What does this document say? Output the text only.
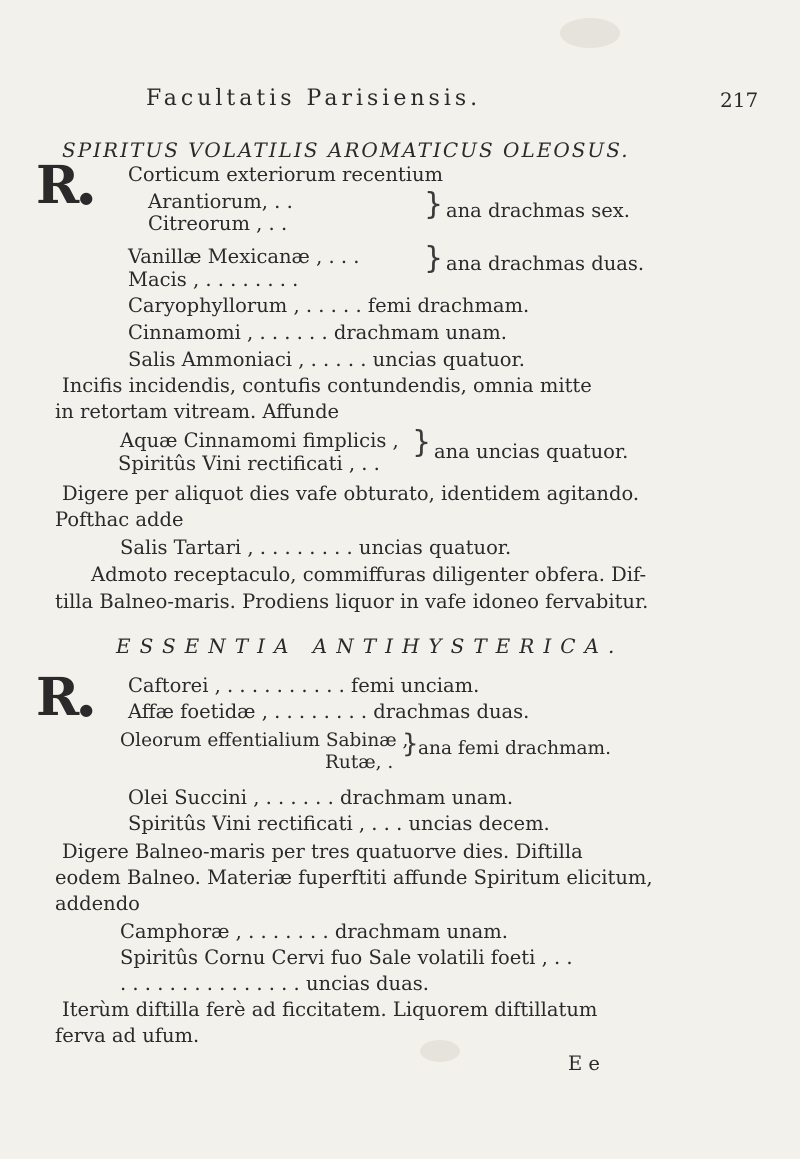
Facultatis Parisiensis.	217
SPIRITUS VOLATILIS AROMATICUS OLEOSUS.
R●
Corticum exteriorum recentium
Arantiorum, . .
Citreorum , . .
} ana drachmas sex.
Vanillæ Mexicanæ , . . .
Macis , . . . . . . . .
} ana drachmas duas.
Caryophyllorum , . . . . . femi drachmam.
Cinnamomi , . . . . . . drachmam unam.
Salis Ammoniaci , . . . . . uncias quatuor.
Incifis incidendis, contufis contundendis, omnia mitte
in retortam vitream. Affunde
Aquæ Cinnamomi fimplicis ,
Spiritûs Vini rectificati , . .
} ana uncias quatuor.
Digere per aliquot dies vafe obturato, identidem agitando.
Pofthac adde
Salis Tartari , . . . . . . . . uncias quatuor.
Admoto receptaculo, commiffuras diligenter obfera. Dif-
tilla Balneo-maris. Prodiens liquor in vafe idoneo fervabitur.
ESSENTIA ANTIHYSTERICA.
R●
Caftorei , . . . . . . . . . . femi unciam.
Affæ foetidæ , . . . . . . . . drachmas duas.
Oleorum effentialium Sabinæ ,
Rutæ, .
} ana femi drachmam.
Olei Succini , . . . . . . drachmam unam.
Spiritûs Vini rectificati , . . . uncias decem.
Digere Balneo-maris per tres quatuorve dies. Diftilla
eodem Balneo. Materiæ fuperftiti affunde Spiritum elicitum,
addendo
Camphoræ , . . . . . . . drachmam unam.
Spiritûs Cornu Cervi fuo Sale volatili foeti , . .
. . . . . . . . . . . . . . . uncias duas.
Iterùm diftilla ferè ad ficcitatem. Liquorem diftillatum
ferva ad ufum.
E e
